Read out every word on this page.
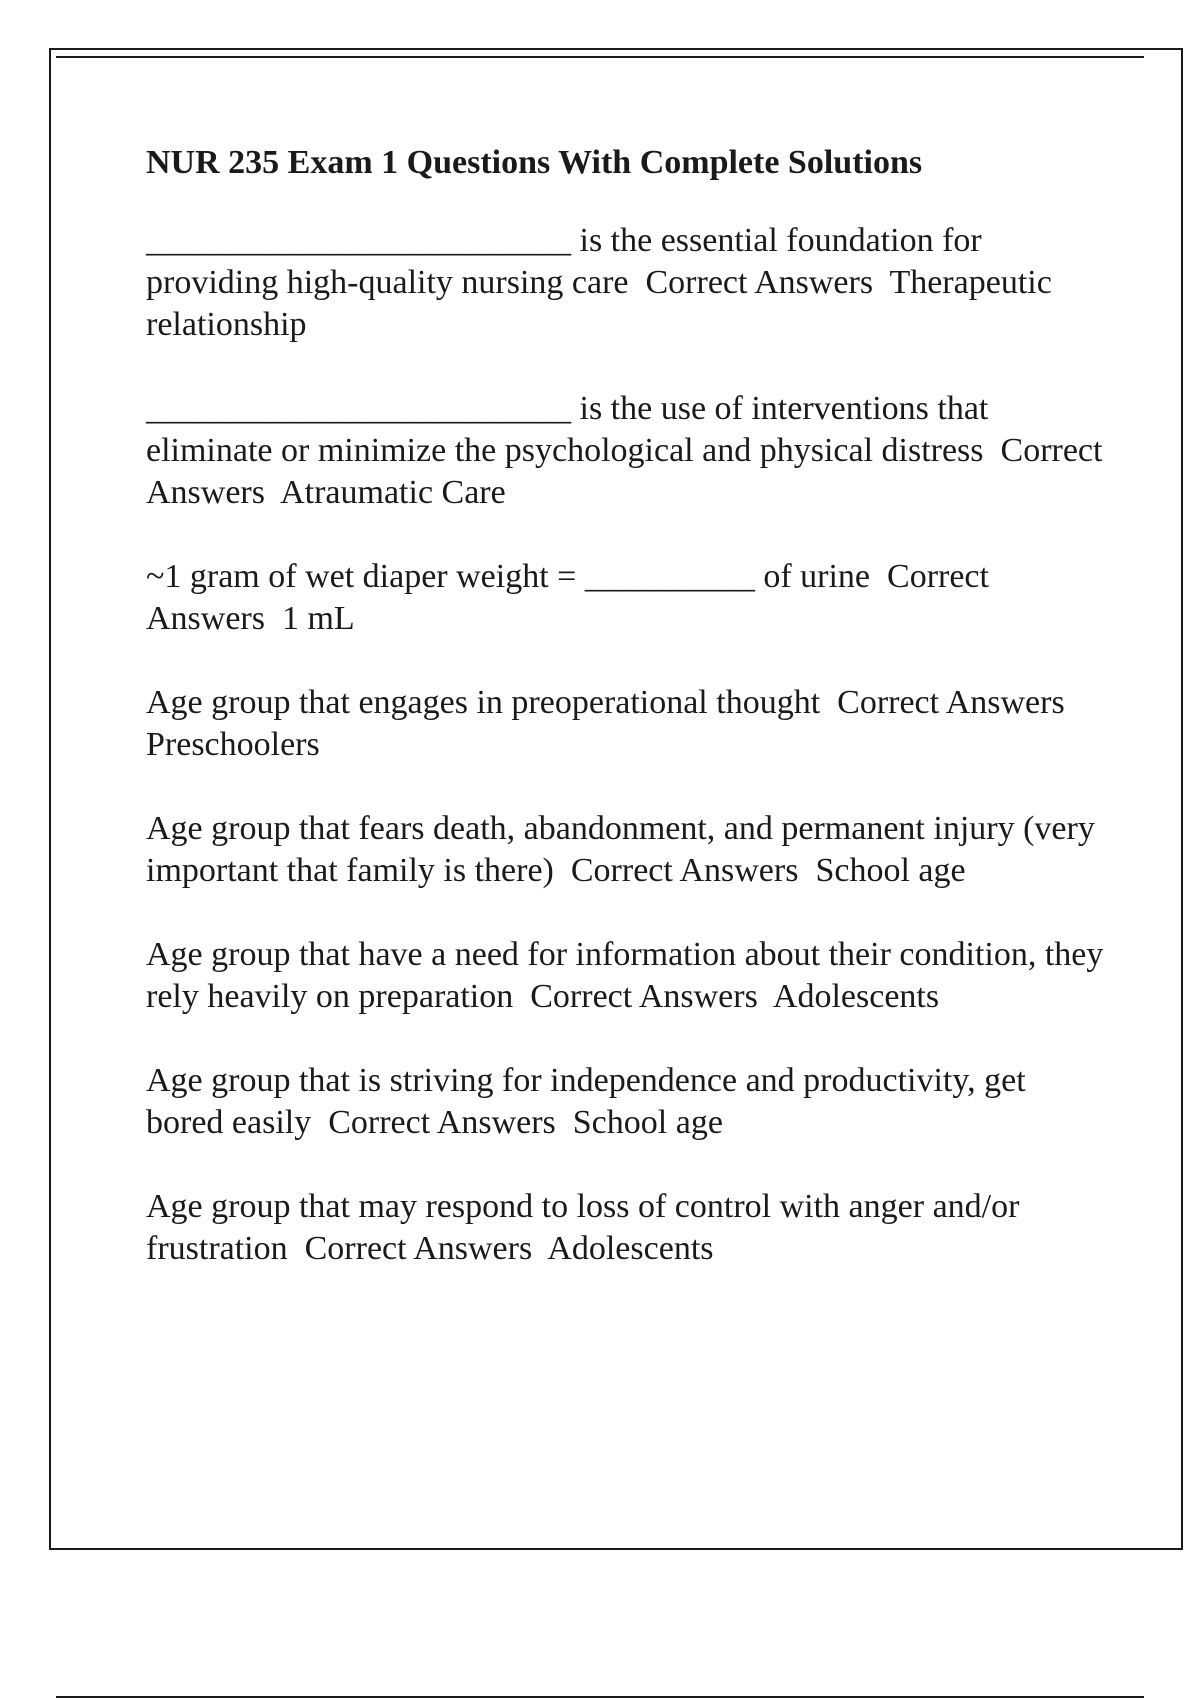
NUR 235 Exam 1 Questions With Complete Solutions
_________________________ is the essential foundation for providing high-quality nursing care  Correct Answers  Therapeutic relationship
_________________________ is the use of interventions that eliminate or minimize the psychological and physical distress  Correct Answers  Atraumatic Care
~1 gram of wet diaper weight = __________ of urine  Correct Answers  1 mL
Age group that engages in preoperational thought  Correct Answers  Preschoolers
Age group that fears death, abandonment, and permanent injury (very important that family is there)  Correct Answers  School age
Age group that have a need for information about their condition, they rely heavily on preparation  Correct Answers  Adolescents
Age group that is striving for independence and productivity, get bored easily  Correct Answers  School age
Age group that may respond to loss of control with anger and/or frustration  Correct Answers  Adolescents
